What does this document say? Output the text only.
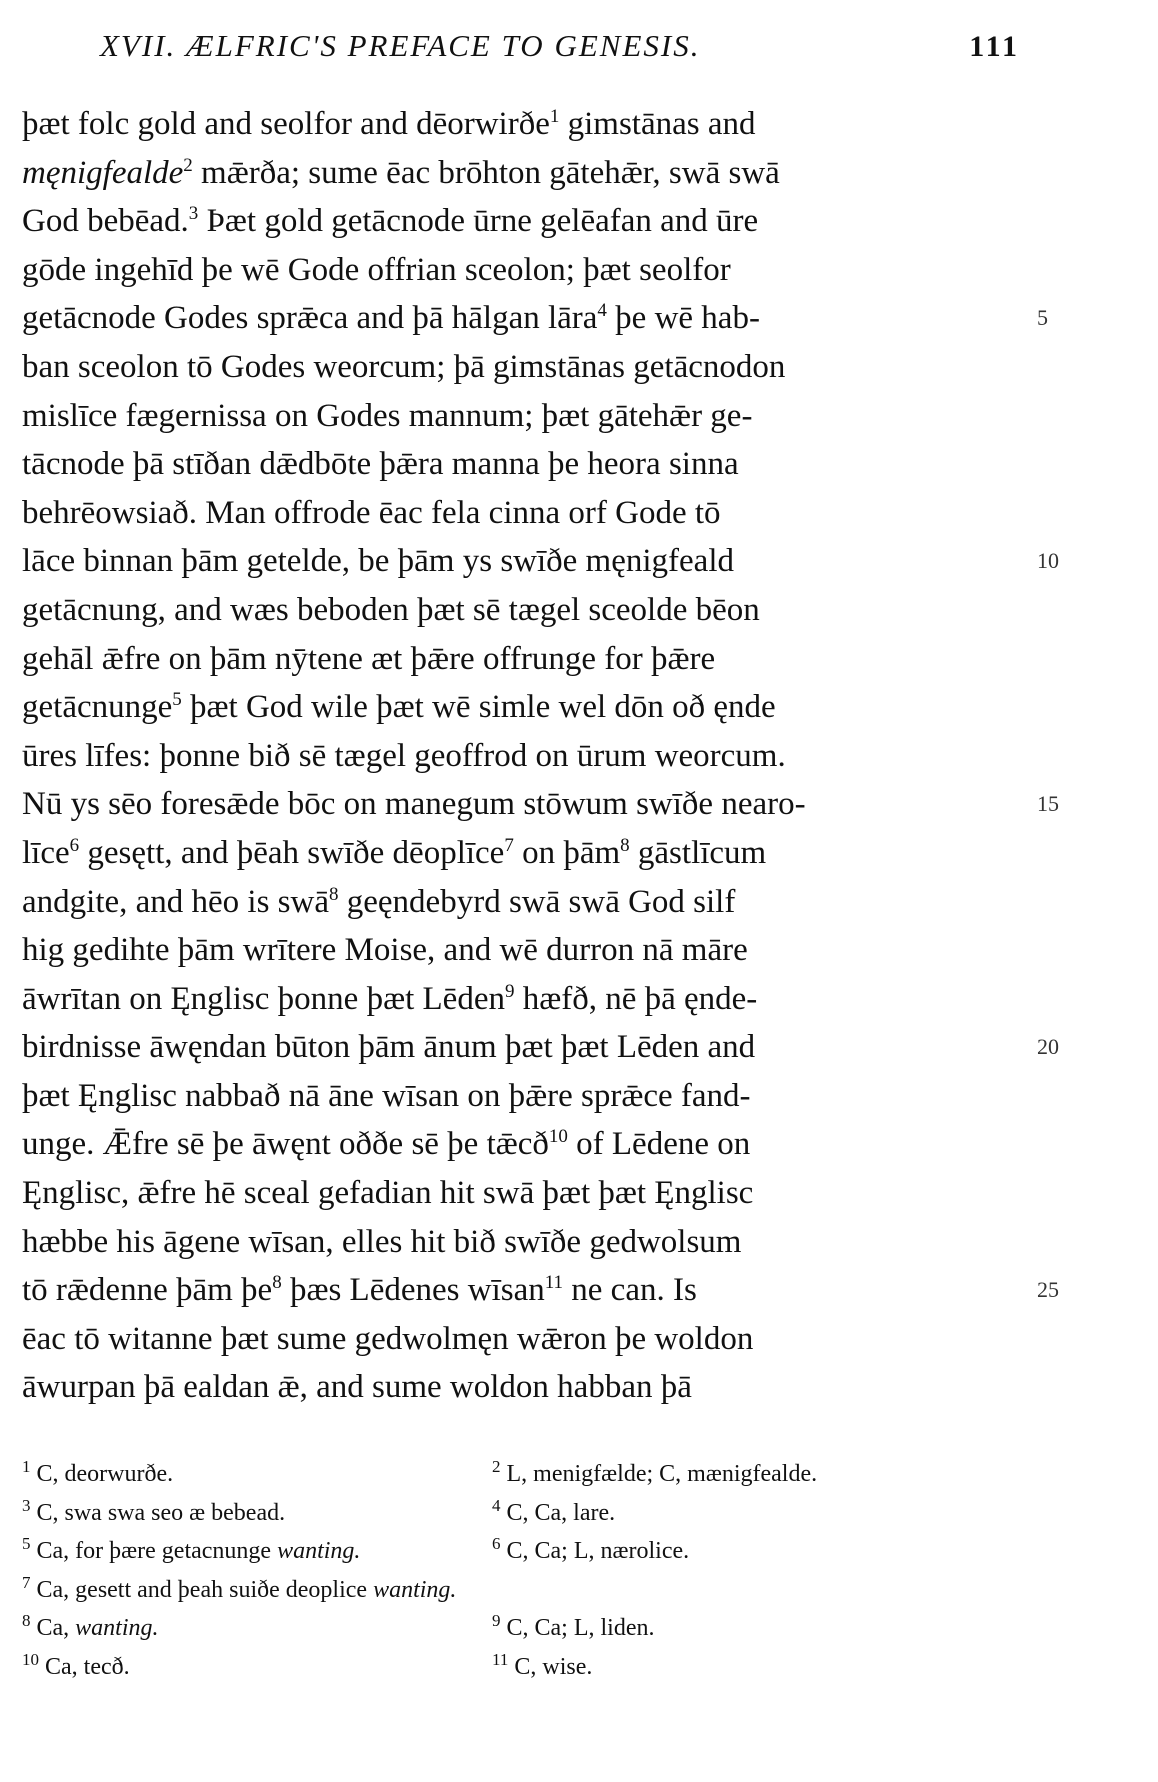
XVII. ÆLFRIC'S PREFACE TO GENESIS.	111
þæt folc gold and seolfor and dēorwirðe$^1$ gimstānas and
męnigfealde$^2$ mǣrða; sume ēac brōhton gātehǣr, swā swā
God bebēad.$^3$ Þæt gold getācnode ūrne gelēafan and ūre
gōde ingehīd þe wē Gode offrian sceolon; þæt seolfor
getācnode Godes sprǣca and þā hālgan lāra$^4$ þe wē hab-	5
ban sceolon tō Godes weorcum; þā gimstānas getācnodon
mislīce fægernissa on Godes mannum; þæt gātehǣr ge-
tācnode þā stīðan dǣdbōte þǣra manna þe heora sinna
behrēowsiað. Man offrode ēac fela cinna orf Gode tō
lāce binnan þām getelde, be þām ys swīðe męnigfeald	10
getācnung, and wæs beboden þæt sē tægel sceolde bēon
gehāl ǣfre on þām nȳtene æt þǣre offrunge for þǣre
getācnunge$^5$ þæt God wile þæt wē simle wel dōn oð ęnde
ūres līfes: þonne bið sē tægel geoffrod on ūrum weorcum.
Nū ys sēo foresǣde bōc on manegum stōwum swīðe nearo-	15
līce$^6$ gesętt, and þēah swīðe dēoplīce$^7$ on þām$^8$ gāstlīcum
andgite, and hēo is swā$^8$ geęndebyrd swā swā God silf
hig gedihte þām wrītere Moise, and wē durron nā māre
āwrītan on Ęnglisc þonne þæt Lēden$^9$ hæfð, nē þā ęnde-
birdnisse āwęndan būton þām ānum þæt þæt Lēden and	20
þæt Ęnglisc nabbað nā āne wīsan on þǣre sprǣce fand-
unge. Ǣfre sē þe āwęnt oððe sē þe tǣcð$^{10}$ of Lēdene on
Ęnglisc, ǣfre hē sceal gefadian hit swā þæt þæt Ęnglisc
hæbbe his āgene wīsan, elles hit bið swīðe gedwolsum
tō rǣdenne þām þe$^8$ þæs Lēdenes wīsan$^{11}$ ne can. Is	25
ēac tō witanne þæt sume gedwolmęn wǣron þe woldon
āwurpan þā ealdan ǣ, and sume woldon habban þā
$^1$ C, deorwurðe.	$^2$ L, menigfælde; C, mænigfealde.
$^3$ C, swa swa seo æ bebead.	$^4$ C, Ca, lare.
$^5$ Ca, for þære getacnunge wanting.	$^6$ C, Ca; L, nærolice.
$^7$ Ca, gesett and þeah suiðe deoplice wanting.
$^8$ Ca, wanting.	$^9$ C, Ca; L, liden.
$^{10}$ Ca, tecð.	$^{11}$ C, wise.
